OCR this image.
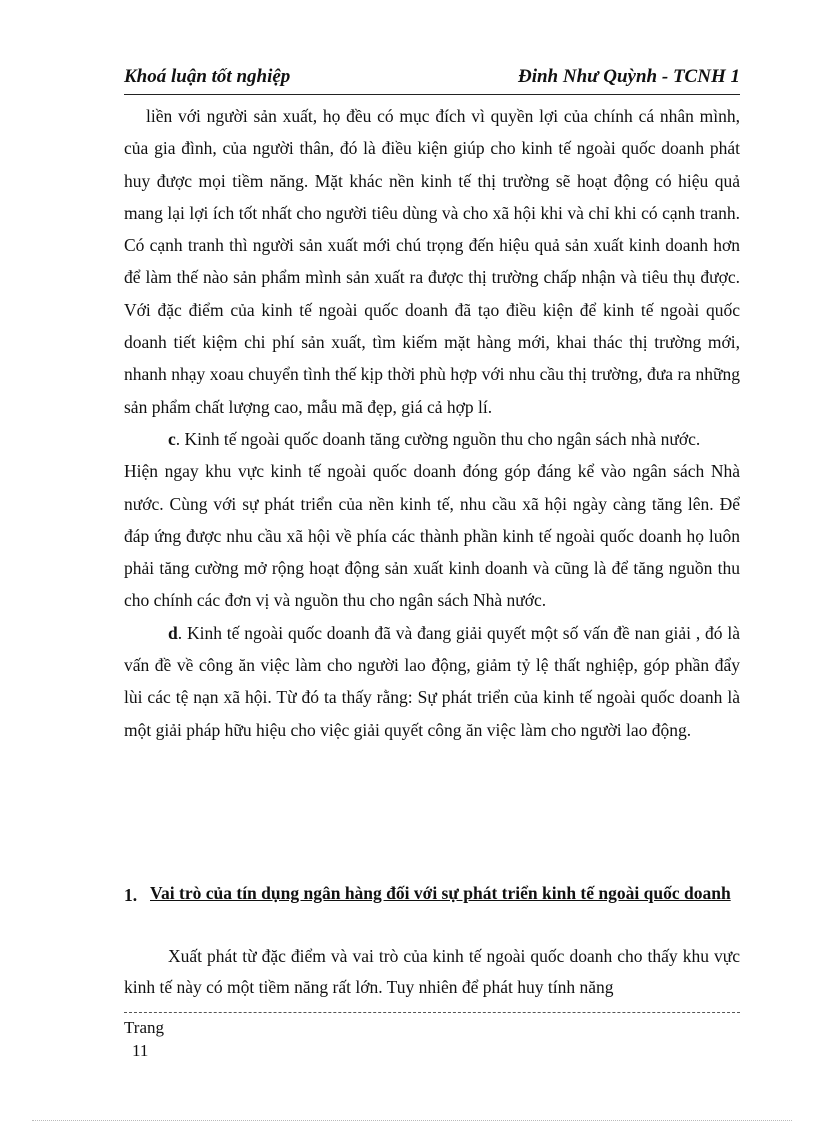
Khoá luận tốt nghiệp	Đinh Như Quỳnh - TCNH 1

liền với người sản xuất, họ đều có mục đích vì quyền lợi của chính cá nhân mình, của gia đình, của người thân, đó là điều kiện giúp cho kinh tế ngoài quốc doanh phát huy được mọi tiềm năng. Mặt khác nền kinh tế thị trường sẽ hoạt động có hiệu quả mang lại lợi ích tốt nhất cho người tiêu dùng và cho xã hội khi và chỉ khi có cạnh tranh. Có cạnh tranh thì người sản xuất mới chú trọng đến hiệu quả sản xuất kinh doanh hơn để làm thế nào sản phẩm mình sản xuất ra được thị trường chấp nhận và tiêu thụ được. Với đặc điểm của kinh tế ngoài quốc doanh đã tạo điều kiện để kinh tế ngoài quốc doanh tiết kiệm chi phí sản xuất, tìm kiếm mặt hàng mới, khai thác thị trường mới, nhanh nhạy xoau chuyển tình thế kịp thời phù hợp với nhu cầu thị trường, đưa ra những sản phẩm chất lượng cao, mẫu mã đẹp, giá cả hợp lí.

c. Kinh tế ngoài quốc doanh tăng cường nguồn thu cho ngân sách nhà nước.

Hiện ngay khu vực kinh tế ngoài quốc doanh đóng góp đáng kể vào ngân sách Nhà nước. Cùng với sự phát triển của nền kinh tế, nhu cầu xã hội ngày càng tăng lên. Để đáp ứng được nhu cầu xã hội về phía các thành phần kinh tế ngoài quốc doanh họ luôn phải tăng cường mở rộng hoạt động sản xuất kinh doanh và cũng là để tăng nguồn thu cho chính các đơn vị và nguồn thu cho ngân sách Nhà nước.

d. Kinh tế ngoài quốc doanh đã và đang giải quyết một số vấn đề nan giải , đó là vấn đề về công ăn việc làm cho người lao động, giảm tỷ lệ thất nghiệp, góp phần đẩy lùi các tệ nạn xã hội. Từ đó ta thấy rằng: Sự phát triển của kinh tế ngoài quốc doanh là một giải pháp hữu hiệu cho việc giải quyết công ăn việc làm cho người lao động.

1. Vai trò của tín dụng ngân hàng đối với sự phát triển kinh tế ngoài quốc doanh

Xuất phát từ đặc điểm và vai trò của kinh tế ngoài quốc doanh cho thấy khu vực kinh tế này có một tiềm năng rất lớn. Tuy nhiên để phát huy tính năng

Trang
11
